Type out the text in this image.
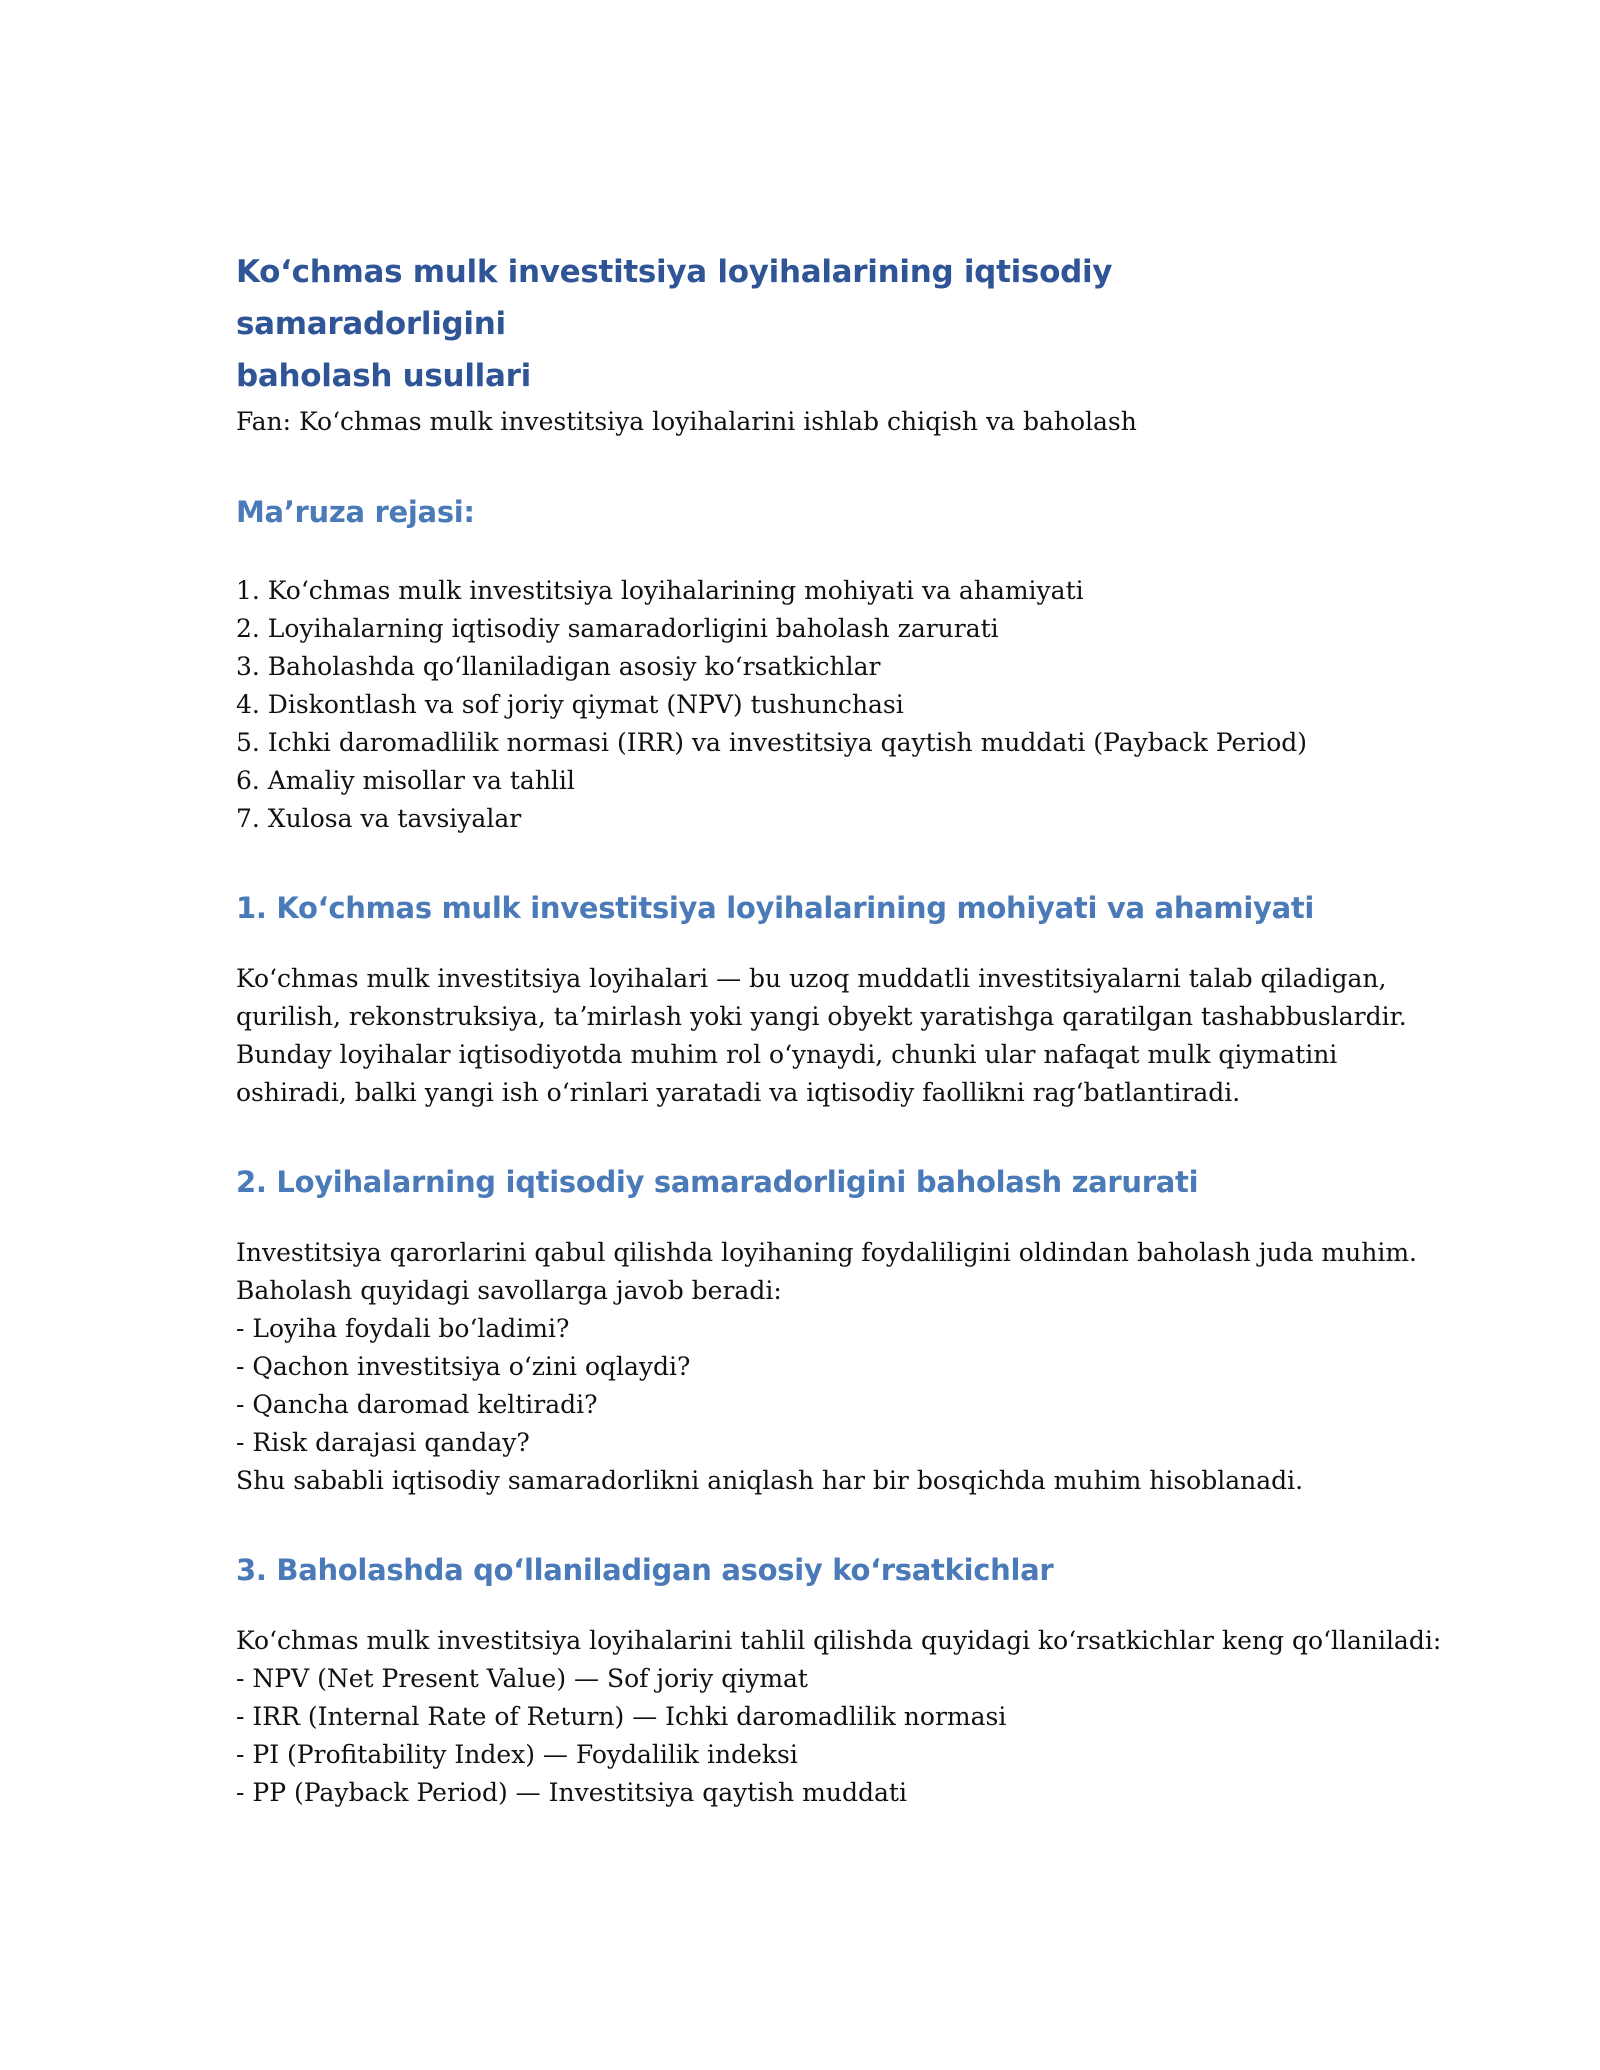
Koʻchmas mulk investitsiya loyihalarining iqtisodiy samaradorligini
baholash usullari

Fan: Koʻchmas mulk investitsiya loyihalarini ishlab chiqish va baholash

Maʼruza rejasi:

1. Koʻchmas mulk investitsiya loyihalarining mohiyati va ahamiyati

2. Loyihalarning iqtisodiy samaradorligini baholash zarurati

3. Baholashda qoʻllaniladigan asosiy koʻrsatkichlar

4. Diskontlash va sof joriy qiymat (NPV) tushunchasi

5. Ichki daromadlilik normasi (IRR) va investitsiya qaytish muddati (Payback Period)

6. Amaliy misollar va tahlil

7. Xulosa va tavsiyalar

1. Koʻchmas mulk investitsiya loyihalarining mohiyati va ahamiyati

Koʻchmas mulk investitsiya loyihalari — bu uzoq muddatli investitsiyalarni talab qiladigan,

qurilish, rekonstruksiya, taʼmirlash yoki yangi obyekt yaratishga qaratilgan tashabbuslardir.

Bunday loyihalar iqtisodiyotda muhim rol oʻynaydi, chunki ular nafaqat mulk qiymatini

oshiradi, balki yangi ish oʻrinlari yaratadi va iqtisodiy faollikni ragʻbatlantiradi.

2. Loyihalarning iqtisodiy samaradorligini baholash zarurati

Investitsiya qarorlarini qabul qilishda loyihaning foydaliligini oldindan baholash juda muhim.

Baholash quyidagi savollarga javob beradi:

- Loyiha foydali boʻladimi?

- Qachon investitsiya oʻzini oqlaydi?

- Qancha daromad keltiradi?

- Risk darajasi qanday?

Shu sababli iqtisodiy samaradorlikni aniqlash har bir bosqichda muhim hisoblanadi.

3. Baholashda qoʻllaniladigan asosiy koʻrsatkichlar

Koʻchmas mulk investitsiya loyihalarini tahlil qilishda quyidagi koʻrsatkichlar keng qoʻllaniladi:

- NPV (Net Present Value) — Sof joriy qiymat

- IRR (Internal Rate of Return) — Ichki daromadlilik normasi

- PI (Profitability Index) — Foydalilik indeksi

- PP (Payback Period) — Investitsiya qaytish muddati
